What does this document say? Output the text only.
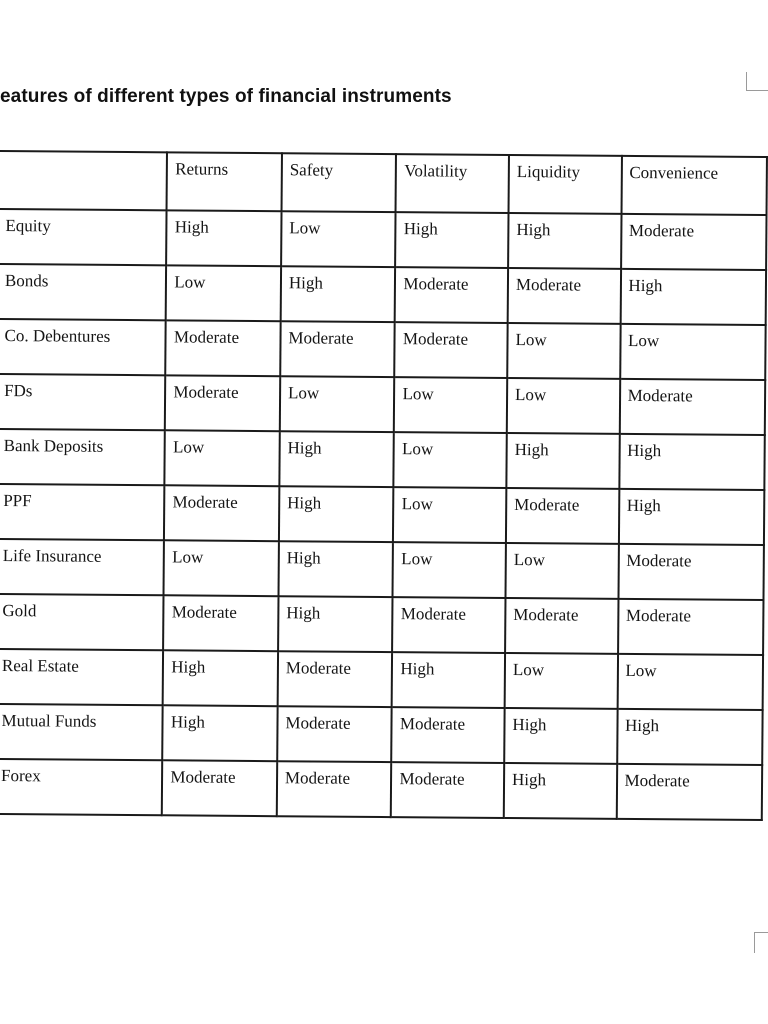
eatures of different types of financial instruments
	Returns	Safety	Volatility	Liquidity	Convenience
Equity	High	Low	High	High	Moderate
Bonds	Low	High	Moderate	Moderate	High
Co. Debentures	Moderate	Moderate	Moderate	Low	Low
FDs	Moderate	Low	Low	Low	Moderate
Bank Deposits	Low	High	Low	High	High
PPF	Moderate	High	Low	Moderate	High
Life Insurance	Low	High	Low	Low	Moderate
Gold	Moderate	High	Moderate	Moderate	Moderate
Real Estate	High	Moderate	High	Low	Low
Mutual Funds	High	Moderate	Moderate	High	High
Forex	Moderate	Moderate	Moderate	High	Moderate
